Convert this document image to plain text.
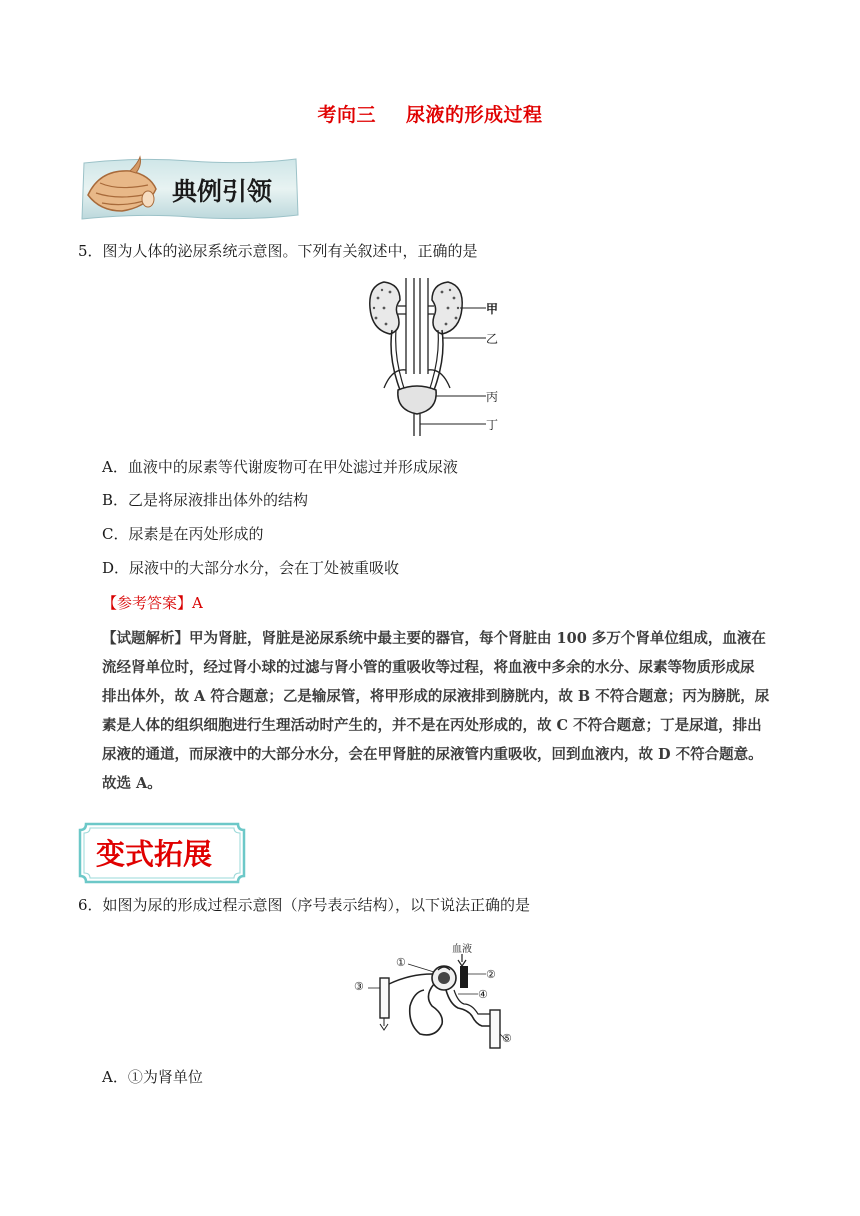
考向三 尿液的形成过程
典例引领
5．图为人体的泌尿系统示意图。下列有关叙述中，正确的是
甲
乙
丙
丁
A．血液中的尿素等代谢废物可在甲处滤过并形成尿液
B．乙是将尿液排出体外的结构
C．尿素是在丙处形成的
D．尿液中的大部分水分，会在丁处被重吸收
【参考答案】A
【试题解析】甲为肾脏，肾脏是泌尿系统中最主要的器官，每个肾脏由 100 多万个肾单位组成，血液在
流经肾单位时，经过肾小球的过滤与肾小管的重吸收等过程，将血液中多余的水分、尿素等物质形成尿
排出体外，故 A 符合题意；乙是输尿管，将甲形成的尿液排到膀胱内，故 B 不符合题意；丙为膀胱，尿
素是人体的组织细胞进行生理活动时产生的，并不是在丙处形成的，故 C 不符合题意；丁是尿道，排出
尿液的通道，而尿液中的大部分水分，会在甲肾脏的尿液管内重吸收，回到血液内，故 D 不符合题意。
故选 A。
变式拓展
6．如图为尿的形成过程示意图（序号表示结构），以下说法正确的是
血液
①
②
③
④
⑤
A．①为肾单位
